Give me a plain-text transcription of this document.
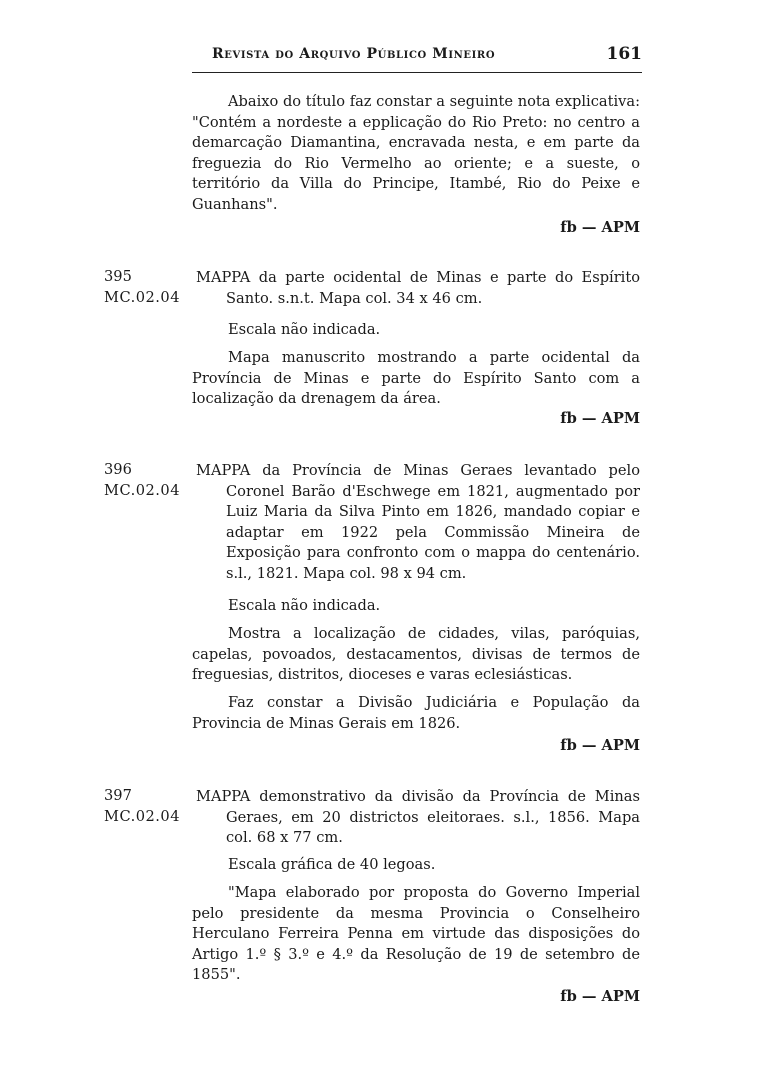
Revista do Arquivo Público Mineiro	161

Abaixo do título faz constar a seguinte nota explicativa: "Contém a nordeste a epplicação do Rio Preto: no centro a demarcação Diamantina, encravada nesta, e em parte da freguezia do Rio Vermelho ao oriente; e a sueste, o território da Villa do Principe, Itambé, Rio do Peixe e Guanhans".

fb — APM
395
MC.02.04

MAPPA da parte ocidental de Minas e parte do Espírito Santo. s.n.t. Mapa col. 34 x 46 cm.

Escala não indicada.

Mapa manuscrito mostrando a parte ocidental da Província de Minas e parte do Espírito Santo com a localização da drenagem da área.

fb — APM
396
MC.02.04

MAPPA da Província de Minas Geraes levantado pelo Coronel Barão d'Eschwege em 1821, augmentado por Luiz Maria da Silva Pinto em 1826, mandado copiar e adaptar em 1922 pela Commissão Mineira de Exposição para confronto com o mappa do centenário. s.l., 1821. Mapa col. 98 x 94 cm.

Escala não indicada.

Mostra a localização de cidades, vilas, paróquias, capelas, povoados, destacamentos, divisas de termos de freguesias, distritos, dioceses e varas eclesiásticas.

Faz constar a Divisão Judiciária e População da Provincia de Minas Gerais em 1826.

fb — APM
397
MC.02.04

MAPPA demonstrativo da divisão da Província de Minas Geraes, em 20 districtos eleitoraes. s.l., 1856. Mapa col. 68 x 77 cm.

Escala gráfica de 40 legoas.

"Mapa elaborado por proposta do Governo Imperial pelo presidente da mesma Provincia o Conselheiro Herculano Ferreira Penna em virtude das disposições do Artigo 1.º § 3.º e 4.º da Resolução de 19 de setembro de 1855".

fb — APM
